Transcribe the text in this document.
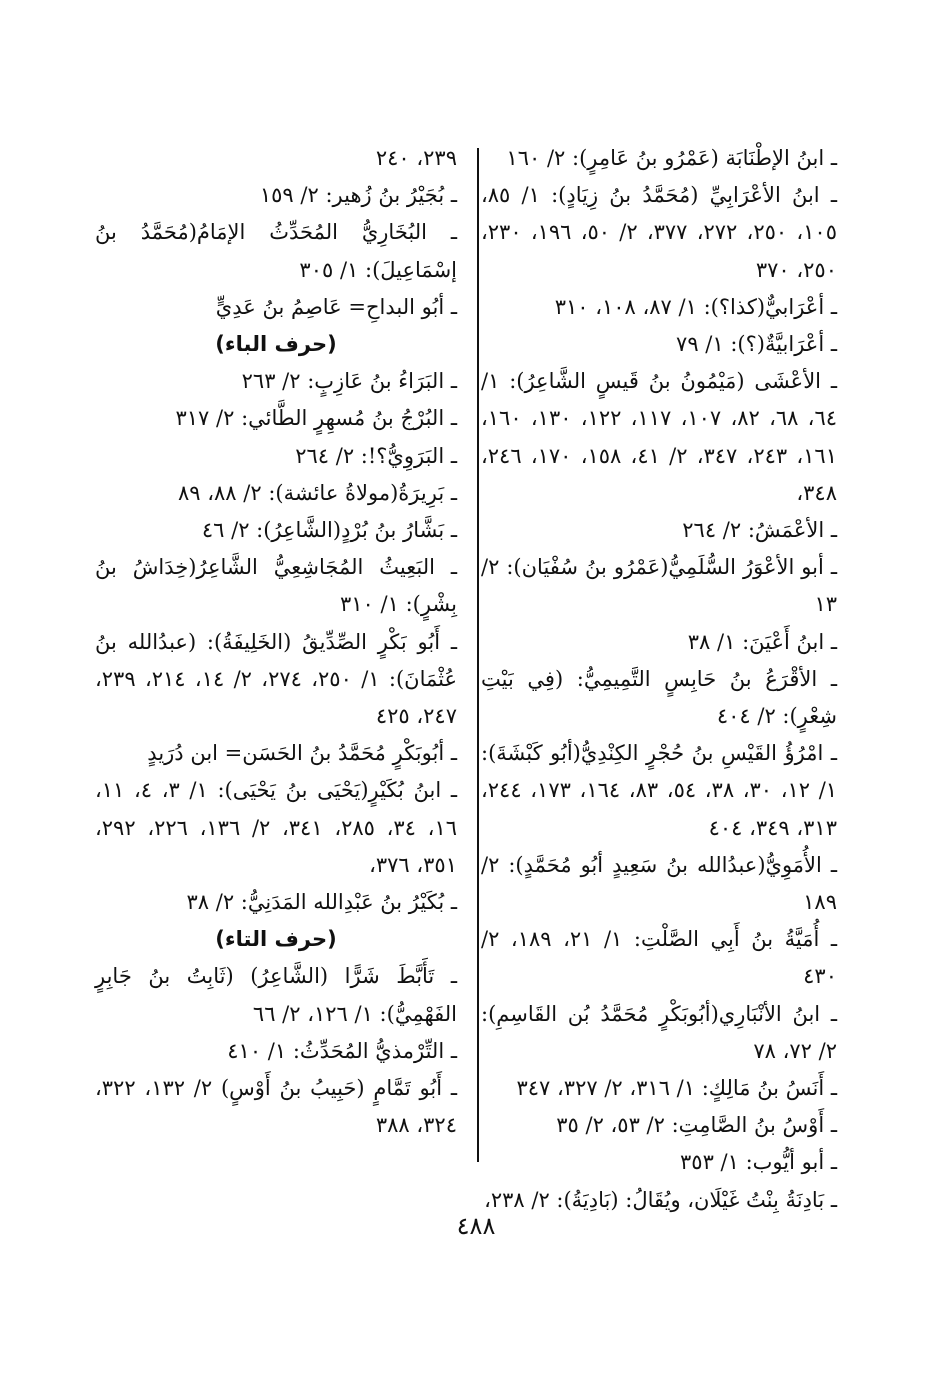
ـ ابنُ الإطْنَابَة (عَمْرُو بنُ عَامِرٍ): ٢/ ١٦٠

ـ ابنُ الأعْرَابِيِّ (مُحَمَّدُ بنُ زِيَادٍ): ١/ ٨٥، ١٠٥، ٢٥٠، ٢٧٢، ٣٧٧، ٢/ ٥٠، ١٩٦، ٢٣٠، ٢٥٠، ٣٧٠

ـ أعْرَابيٌّ(كذا؟): ١/ ٨٧، ١٠٨، ٣١٠

ـ أعْرَابيَّةٌ(؟): ١/ ٧٩

ـ الأعْشَى (مَيْمُونُ بنُ قَيسٍ الشَّاعِرُ): ١/ ٦٤، ٦٨، ٨٢، ١٠٧، ١١٧، ١٢٢، ١٣٠، ١٦٠، ١٦١، ٢٤٣، ٣٤٧، ٢/ ٤١، ١٥٨، ١٧٠، ٢٤٦، ٣٤٨،

ـ الأعْمَشُ: ٢/ ٢٦٤

ـ أبو الأعْوَرُ السُّلَمِيُّ(عَمْرُو بنُ سُفْيَان): ٢/ ١٣

ـ ابنُ أَعْيَنَ: ١/ ٣٨

ـ الأقْرَعُ بنُ حَابِسٍ التَّمِيمِيُّ: (فِي بَيْتِ شِعْرٍ): ٢/ ٤٠٤

ـ امْرُؤُ القَيْسِ بنُ حُجْرٍ الكِنْدِيُّ(أبُو كَبْشَةَ): ١/ ١٢، ٣٠، ٣٨، ٥٤، ٨٣، ١٦٤، ١٧٣، ٢٤٤، ٣١٣، ٣٤٩، ٤٠٤

ـ الأُمَوِيُّ(عبدُالله بنُ سَعِيدٍ أبُو مُحَمَّدٍ): ٢/ ١٨٩

ـ أُمَيَّةُ بنُ أَبِي الصَّلْتِ: ١/ ٢١، ١٨٩، ٢/ ٤٣٠

ـ ابنُ الأنْبَارِي(أبُوبَكْرٍ مُحَمَّدُ بُن القَاسِمِ): ٢/ ٧٢، ٧٨

ـ أَنَسُ بنُ مَالِكٍ: ١/ ٣١٦، ٢/ ٣٢٧، ٣٤٧

ـ أَوْسُ بنُ الصَّامِتِ: ٢/ ٥٣، ٢/ ٣٥

ـ أبو أيُّوب: ١/ ٣٥٣

ـ بَادِنَةُ بِنْتُ غَيْلَان، ويُقَالُ: (بَادِيَةُ): ٢/ ٢٣٨،

٢٣٩، ٢٤٠

ـ بُجَيْرُ بنُ زُهير: ٢/ ١٥٩

ـ البُخَارِيُّ المُحَدِّثُ الإمَامُ(مُحَمَّدُ بنُ إسْمَاعِيلَ): ١/ ٣٠٥

ـ أبُو البداحِ= عَاصِمُ بنُ عَدِيٍّ

(حرف الباء)

ـ البَرَاءُ بنُ عَازِبٍ: ٢/ ٢٦٣

ـ البُرْجُ بنُ مُسهِرٍ الطَّائي: ٢/ ٣١٧

ـ البَرَوِيُّ؟!: ٢/ ٢٦٤

ـ بَرِيرَةُ(مولاةُ عائشة): ٢/ ٨٨، ٨٩

ـ بَشَّارُ بنُ بُرْدٍ(الشَّاعِرُ): ٢/ ٤٦

ـ البَعِيثُ المُجَاشِعِيُّ الشَّاعِرُ(خِدَاشُ بنُ بِشْرٍ): ١/ ٣١٠

ـ أَبُو بَكْرٍ الصِّدِّيقُ (الخَلِيفَةُ): (عبدُالله بنُ عُثْمَانَ): ١/ ٢٥٠، ٢٧٤، ٢/ ١٤، ٢١٤، ٢٣٩، ٢٤٧، ٤٢٥

ـ أبُوبَكْرٍ مُحَمَّدُ بنُ الحَسَن= ابن دُرَيدٍ

ـ ابنُ بُكَيْرٍ(يَحْيَى بنُ يَحْيَى): ١/ ٣، ٤، ١١، ١٦، ٣٤، ٢٨٥، ٣٤١، ٢/ ١٣٦، ٢٢٦، ٢٩٢، ٣٥١، ٣٧٦،

ـ بُكَيْرُ بنُ عَبْدِالله المَدَنِيُّ: ٢/ ٣٨

(حرف التاء)

ـ تَأَبَّطَ شَرًّا (الشَّاعِرُ) (ثَابِتُ بنُ جَابِرٍ الفَهْمِيُّ): ١/ ١٢٦، ٢/ ٦٦

ـ التِّرْمذيُّ المُحَدِّثُ: ١/ ٤١٠

ـ أَبُو تَمَّامٍ (حَبِيبُ بنُ أَوْسٍ) ٢/ ١٣٢، ٣٢٢، ٣٢٤، ٣٨٨

٤٨٨
